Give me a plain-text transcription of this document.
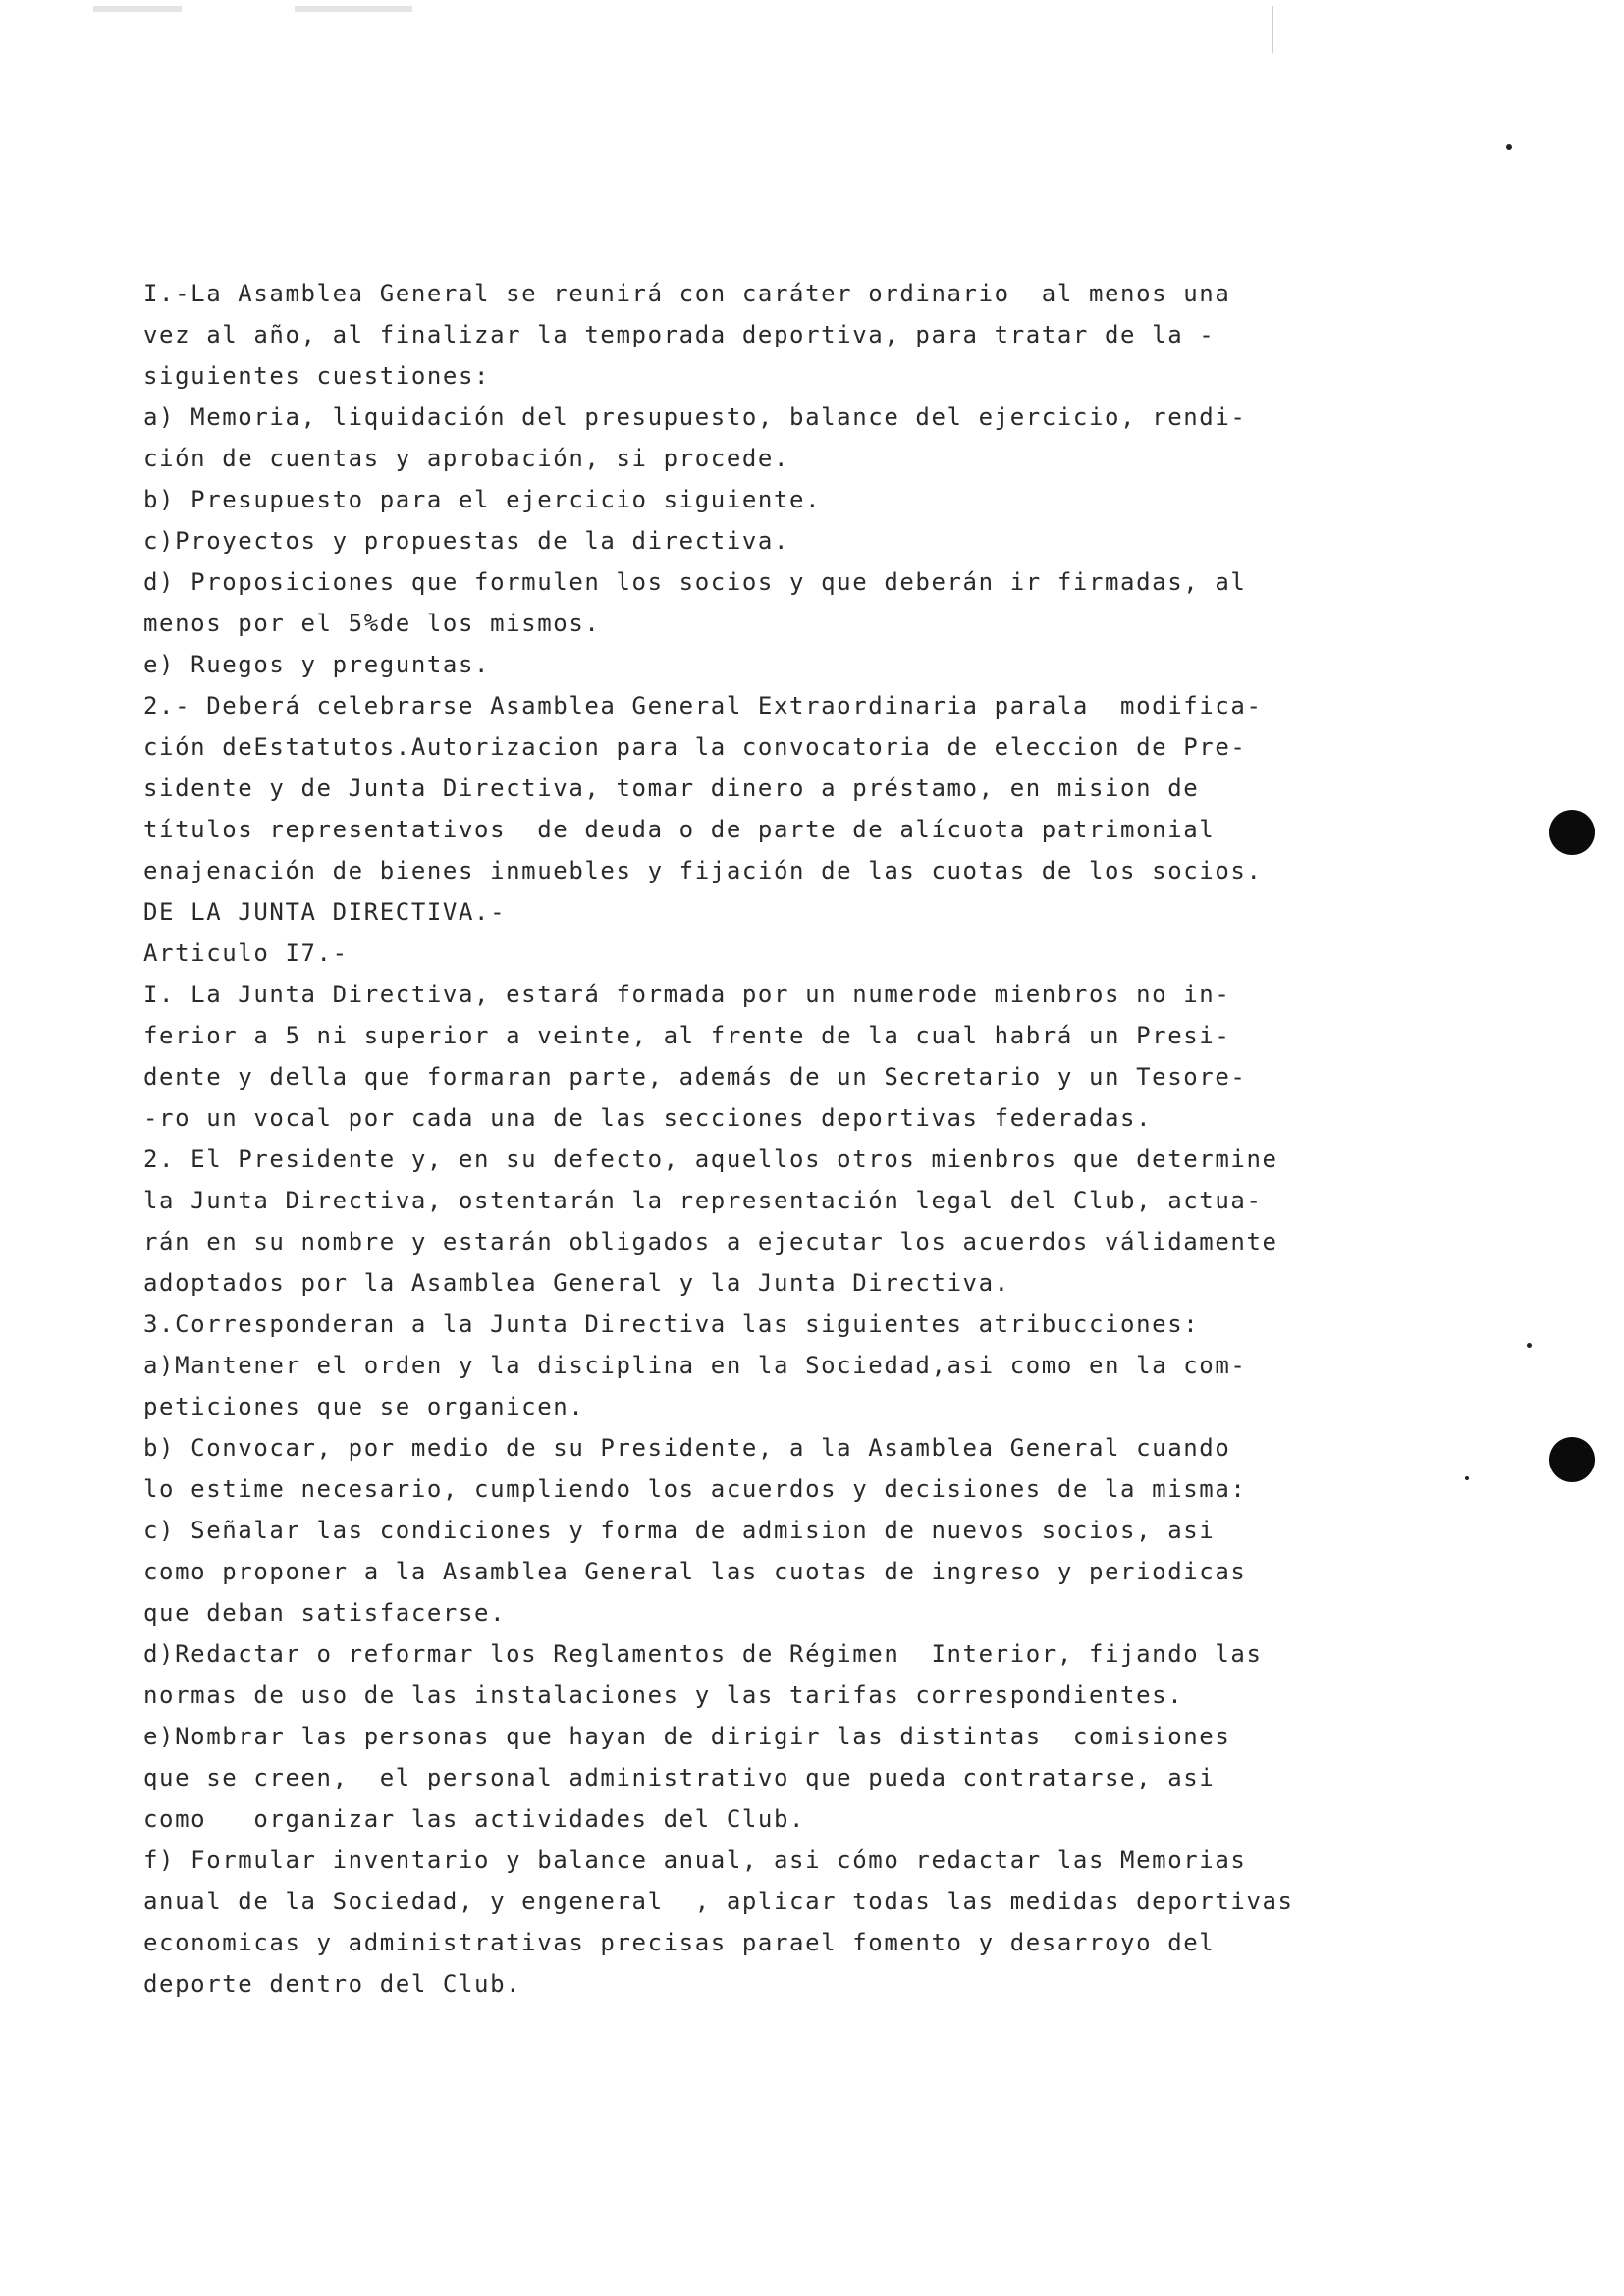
I.-La Asamblea General se reunirá con caráter ordinario  al menos una
vez al año, al finalizar la temporada deportiva, para tratar de la -
siguientes cuestiones:
a) Memoria, liquidación del presupuesto, balance del ejercicio, rendi-
ción de cuentas y aprobación, si procede.
b) Presupuesto para el ejercicio siguiente.
c)Proyectos y propuestas de la directiva.
d) Proposiciones que formulen los socios y que deberán ir firmadas, al
menos por el 5%de los mismos.
e) Ruegos y preguntas.
2.- Deberá celebrarse Asamblea General Extraordinaria parala  modifica-
ción deEstatutos.Autorizacion para la convocatoria de eleccion de Pre-
sidente y de Junta Directiva, tomar dinero a préstamo, en mision de
títulos representativos  de deuda o de parte de alícuota patrimonial
enajenación de bienes inmuebles y fijación de las cuotas de los socios.
DE LA JUNTA DIRECTIVA.-
Articulo I7.-
I. La Junta Directiva, estará formada por un numerode mienbros no in-
ferior a 5 ni superior a veinte, al frente de la cual habrá un Presi-
dente y della que formaran parte, además de un Secretario y un Tesore-
-ro un vocal por cada una de las secciones deportivas federadas.
2. El Presidente y, en su defecto, aquellos otros mienbros que determine
la Junta Directiva, ostentarán la representación legal del Club, actua-
rán en su nombre y estarán obligados a ejecutar los acuerdos válidamente
adoptados por la Asamblea General y la Junta Directiva.
3.Corresponderan a la Junta Directiva las siguientes atribucciones:
a)Mantener el orden y la disciplina en la Sociedad,asi como en la com-
peticiones que se organicen.
b) Convocar, por medio de su Presidente, a la Asamblea General cuando
lo estime necesario, cumpliendo los acuerdos y decisiones de la misma:
c) Señalar las condiciones y forma de admision de nuevos socios, asi
como proponer a la Asamblea General las cuotas de ingreso y periodicas
que deban satisfacerse.
d)Redactar o reformar los Reglamentos de Régimen  Interior, fijando las
normas de uso de las instalaciones y las tarifas correspondientes.
e)Nombrar las personas que hayan de dirigir las distintas  comisiones
que se creen,  el personal administrativo que pueda contratarse, asi
como   organizar las actividades del Club.
f) Formular inventario y balance anual, asi cómo redactar las Memorias
anual de la Sociedad, y engeneral  , aplicar todas las medidas deportivas
economicas y administrativas precisas parael fomento y desarroyo del
deporte dentro del Club.
